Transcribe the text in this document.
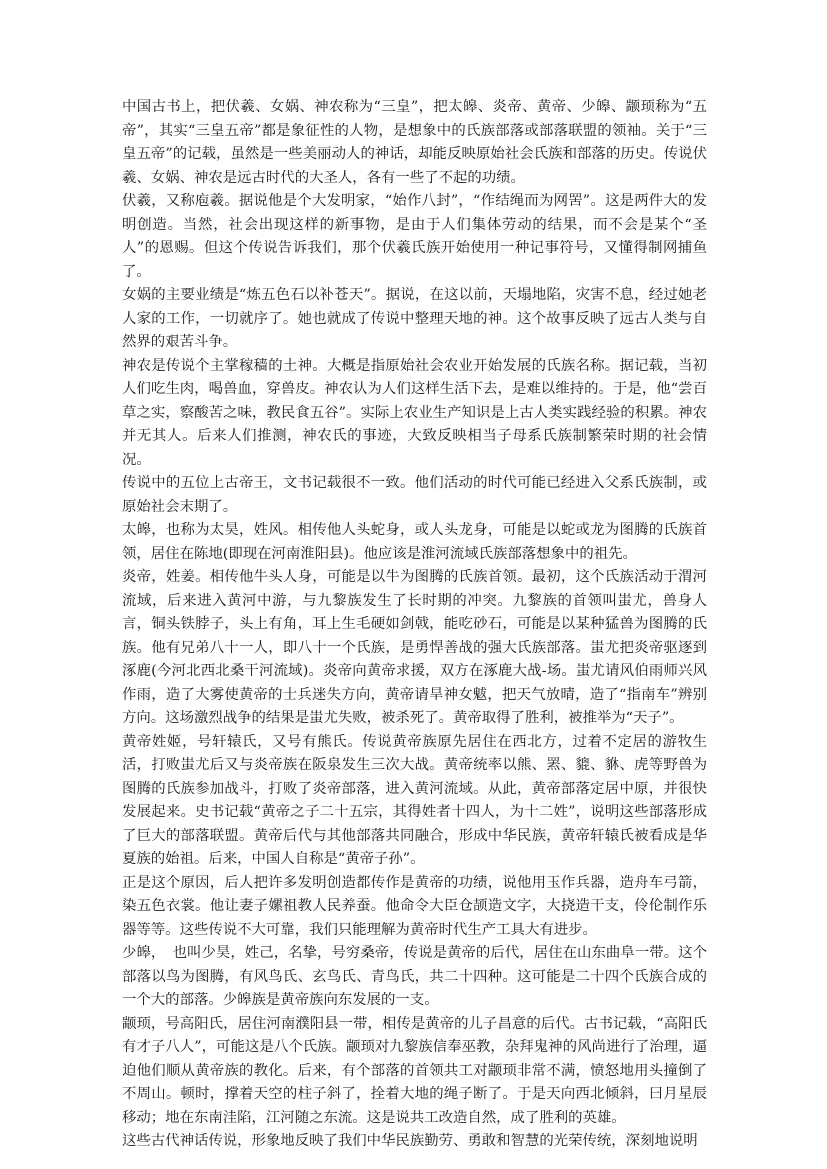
中国古书上，把伏羲、女娲、神农称为“三皇”，把太皞、炎帝、黄帝、少皞、颛顼称为“五帝”，其实“三皇五帝”都是象征性的人物，是想象中的氏族部落或部落联盟的领袖。关于“三皇五帝”的记载，虽然是一些美丽动人的神话，却能反映原始社会氏族和部落的历史。传说伏羲、女娲、神农是远古时代的大圣人，各有一些了不起的功绩。

伏羲，又称庖羲。据说他是个大发明家，“始作八封”，“作结绳而为网罟”。这是两件大的发明创造。当然，社会出现这样的新事物，是由于人们集体劳动的结果，而不会是某个“圣人”的恩赐。但这个传说告诉我们，那个伏羲氏族开始使用一种记事符号，又懂得制网捕鱼了。

女娲的主要业绩是“炼五色石以补苍天”。据说，在这以前，天塌地陷，灾害不息，经过她老人家的工作，一切就序了。她也就成了传说中整理天地的神。这个故事反映了远古人类与自然界的艰苦斗争。

神农是传说个主掌稼穑的土神。大概是指原始社会农业开始发展的氏族名称。据记载，当初人们吃生肉，喝兽血，穿兽皮。神农认为人们这样生活下去，是难以维持的。于是，他“尝百草之实，察酸苦之味，教民食五谷”。实际上农业生产知识是上古人类实践经验的积累。神农并无其人。后来人们推测，神农氏的事迹，大致反映相当子母系氏族制繁荣时期的社会情况。

传说中的五位上古帝王，文书记载很不一致。他们活动的时代可能已经进入父系氏族制，或原始社会末期了。

太皞，也称为太昊，姓风。相传他人头蛇身，或人头龙身，可能是以蛇或龙为图腾的氏族首领，居住在陈地(即现在河南淮阳县)。他应该是淮河流域氏族部落想象中的祖先。

炎帝，姓姜。相传他牛头人身，可能是以牛为图腾的氏族首领。最初，这个氏族活动于渭河流域，后来进入黄河中游，与九黎族发生了长时期的冲突。九黎族的首领叫蚩尤，兽身人言，铜头铁脖子，头上有角，耳上生毛硬如剑戟，能吃砂石，可能是以某种猛兽为图腾的氏族。他有兄弟八十一人，即八十一个氏族，是勇悍善战的强大氏族部落。蚩尤把炎帝驱逐到涿鹿(今河北西北桑干河流域)。炎帝向黄帝求援，双方在涿鹿大战-场。蚩尤请风伯雨师兴风作雨，造了大雾使黄帝的士兵迷失方向，黄帝请旱神女魃，把天气放晴，造了“指南车”辨别方向。这场激烈战争的结果是蚩尤失败，被杀死了。黄帝取得了胜利，被推举为“天子”。

黄帝姓姬，号轩辕氏，又号有熊氏。传说黄帝族原先居住在西北方，过着不定居的游牧生活，打败蚩尤后又与炎帝族在阪泉发生三次大战。黄帝统率以熊、罴、貔、貅、虎等野兽为图腾的氏族参加战斗，打败了炎帝部落，进入黄河流域。从此，黄帝部落定居中原，并很快发展起来。史书记载“黄帝之子二十五宗，其得姓者十四人，为十二姓”，说明这些部落形成了巨大的部落联盟。黄帝后代与其他部落共同融合，形成中华民族，黄帝轩辕氏被看成是华夏族的始祖。后来，中国人自称是“黄帝子孙”。

正是这个原因，后人把许多发明创造都传作是黄帝的功绩，说他用玉作兵器，造舟车弓箭，染五色衣裳。他让妻子嫘祖教人民养蚕。他命令大臣仓颉造文字，大挠造干支，伶伦制作乐器等等。这些传说不大可靠，我们只能理解为黄帝时代生产工具大有进步。

少皞，　也叫少昊，姓己，名挚，号穷桑帝，传说是黄帝的后代，居住在山东曲阜一带。这个部落以鸟为图腾，有风鸟氏、玄鸟氏、青鸟氏，共二十四种。这可能是二十四个氏族合成的一个大的部落。少皞族是黄帝族向东发展的一支。

颛顼，号高阳氏，居住河南濮阳县一带，相传是黄帝的儿子昌意的后代。古书记载，“高阳氏有才子八人”，可能这是八个氏族。颛顼对九黎族信奉巫教，杂拜鬼神的风尚进行了治理，逼迫他们顺从黄帝族的教化。后来，有个部落的首领共工对颛顼非常不满，愤怒地用头撞倒了不周山。顿时，撑着天空的柱子斜了，拴着大地的绳子断了。于是天向西北倾斜，曰月星辰移动；地在东南洼陷，江河随之东流。这是说共工改造自然，成了胜利的英雄。

这些古代神话传说，形象地反映了我们中华民族勤劳、勇敢和智慧的光荣传统，深刻地说明
